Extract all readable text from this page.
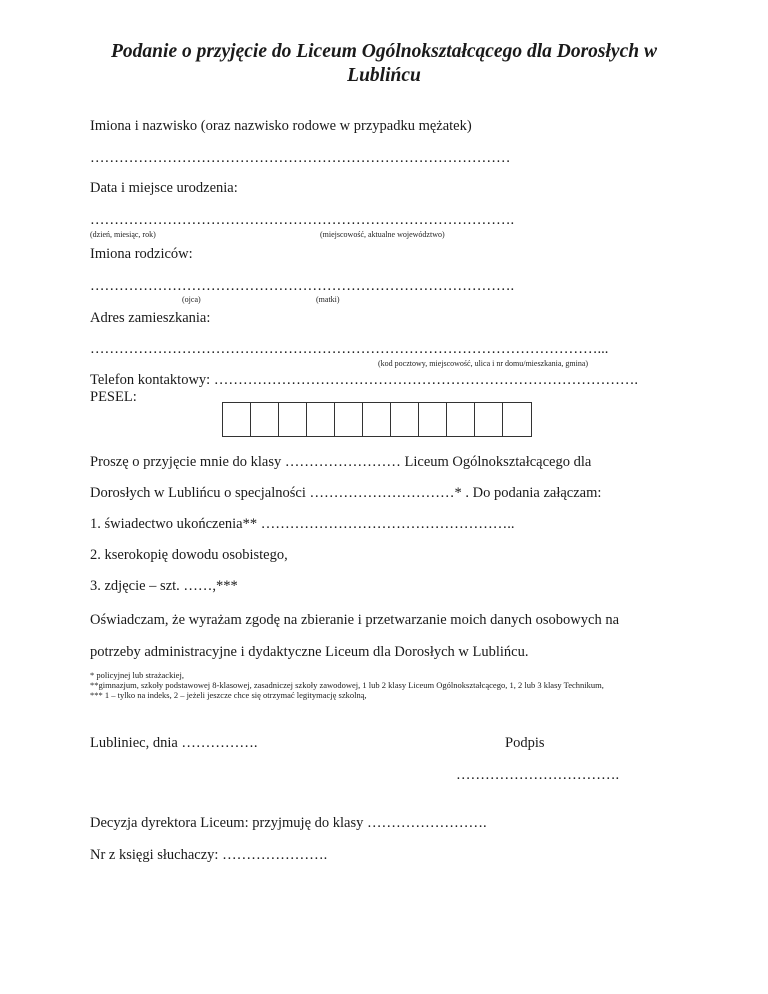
Podanie o przyjęcie do Liceum Ogólnokształcącego dla Dorosłych w
Lublińcu
Imiona i nazwisko (oraz nazwisko rodowe w przypadku mężatek)
……………………………………………………………………………
Data i miejsce urodzenia:
…………………………………………………………………………….
(dzień, miesiąc, rok)	(miejscowość, aktualne województwo)
Imiona rodziców:
…………………………………………………………………………….
(ojca)	(matki)
Adres zamieszkania:
……………………………………………………………………………………………...
(kod pocztowy, miejscowość, ulica i nr domu/mieszkania, gmina)
Telefon kontaktowy: …………………………………………………………………………….
PESEL:
Proszę o przyjęcie mnie do klasy …………………… Liceum Ogólnokształcącego dla
Dorosłych w Lublińcu o specjalności …………………………* . Do podania załączam:
1. świadectwo ukończenia** ……………………………………………..
2. kserokopię dowodu osobistego,
3. zdjęcie – szt. ……,***
Oświadczam, że wyrażam zgodę na zbieranie i przetwarzanie moich danych osobowych na
potrzeby administracyjne i dydaktyczne Liceum dla Dorosłych w Lublińcu.
* policyjnej lub strażackiej,
**gimnazjum, szkoły podstawowej 8-klasowej, zasadniczej szkoły zawodowej, 1 lub 2 klasy Liceum Ogólnokształcącego, 1, 2 lub 3 klasy Technikum,
*** 1 – tylko na indeks, 2 – jeżeli jeszcze chce się otrzymać legitymację szkolną,
Lubliniec, dnia …………….	Podpis
…………………………….
Decyzja dyrektora Liceum: przyjmuję do klasy …………………….
Nr z księgi słuchaczy: ………………….
